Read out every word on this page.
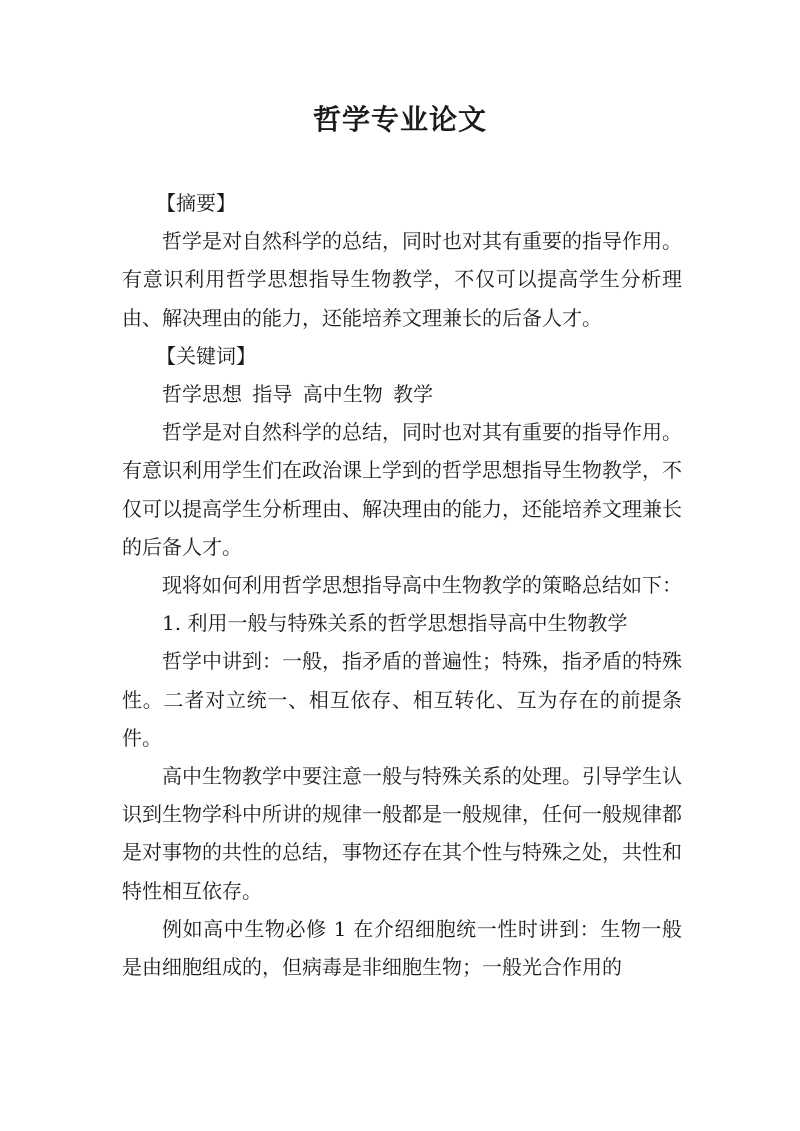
哲学专业论文

【摘要】

哲学是对自然科学的总结，同时也对其有重要的指导作用。有意识利用哲学思想指导生物教学，不仅可以提高学生分析理由、解决理由的能力，还能培养文理兼长的后备人才。

【关键词】

哲学思想 指导 高中生物 教学

哲学是对自然科学的总结，同时也对其有重要的指导作用。有意识利用学生们在政治课上学到的哲学思想指导生物教学，不仅可以提高学生分析理由、解决理由的能力，还能培养文理兼长的后备人才。

现将如何利用哲学思想指导高中生物教学的策略总结如下：

1. 利用一般与特殊关系的哲学思想指导高中生物教学

哲学中讲到：一般，指矛盾的普遍性；特殊，指矛盾的特殊性。二者对立统一、相互依存、相互转化、互为存在的前提条件。

高中生物教学中要注意一般与特殊关系的处理。引导学生认识到生物学科中所讲的规律一般都是一般规律，任何一般规律都是对事物的共性的总结，事物还存在其个性与特殊之处，共性和特性相互依存。

例如高中生物必修 1 在介绍细胞统一性时讲到：生物一般是由细胞组成的，但病毒是非细胞生物；一般光合作用的
